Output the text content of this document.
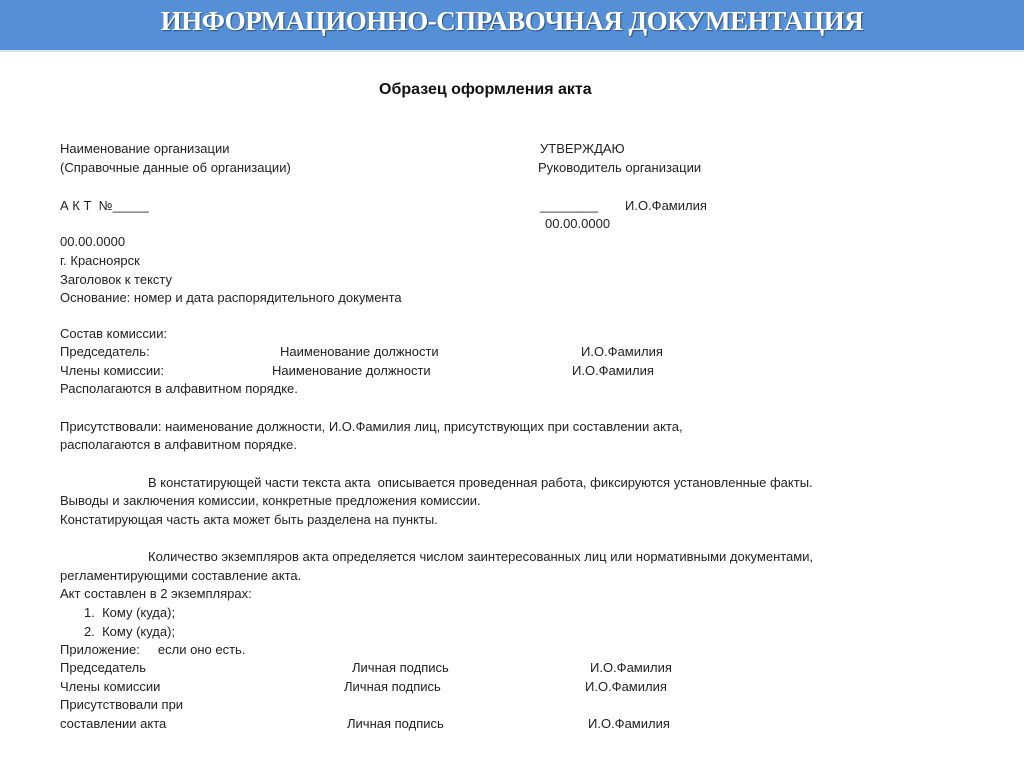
ИНФОРМАЦИОННО-СПРАВОЧНАЯ ДОКУМЕНТАЦИЯ
Образец оформления акта
Наименование организации
(Справочные данные об организации)
УТВЕРЖДАЮ
Руководитель организации
А К Т  №_____	________ И.О.Фамилия
00.00.0000
00.00.0000
г. Красноярск
Заголовок к тексту
Основание: номер и дата распорядительного документа
Состав комиссии:
Председатель:	Наименование должности	И.О.Фамилия
Члены комиссии:	Наименование должности	И.О.Фамилия
Располагаются в алфавитном порядке.
Присутствовали: наименование должности, И.О.Фамилия лиц, присутствующих при составлении акта,
располагаются в алфавитном порядке.
В констатирующей части текста акта  описывается проведенная работа, фиксируются установленные факты.
Выводы и заключения комиссии, конкретные предложения комиссии.
Констатирующая часть акта может быть разделена на пункты.
Количество экземпляров акта определяется числом заинтересованных лиц или нормативными документами,
регламентирующими составление акта.
Акт составлен в 2 экземплярах:
1.  Кому (куда);
2.  Кому (куда);
Приложение:     если оно есть.
Председатель	Личная подпись	И.О.Фамилия
Члены комиссии	Личная подпись	И.О.Фамилия
Присутствовали при
составлении акта	Личная подпись	И.О.Фамилия
